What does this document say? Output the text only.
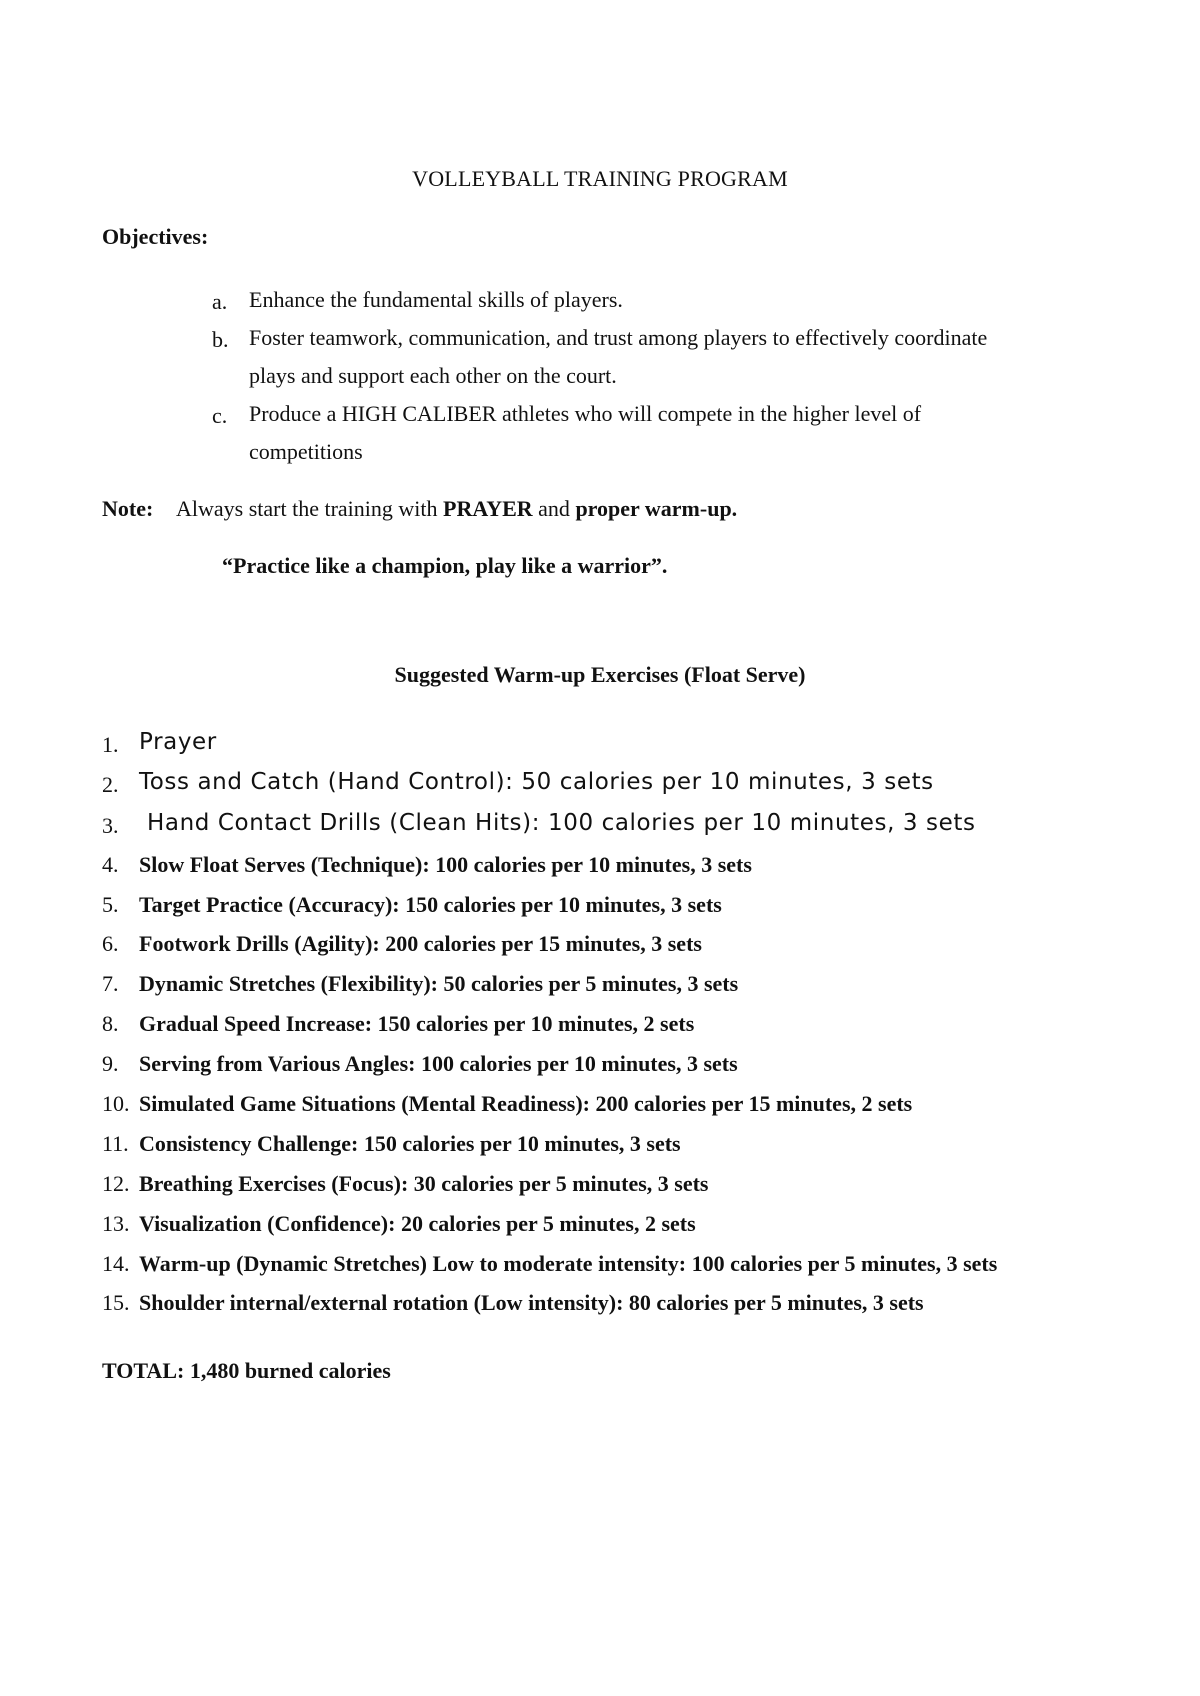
VOLLEYBALL TRAINING PROGRAM
Objectives:
a. Enhance the fundamental skills of players.
b. Foster teamwork, communication, and trust among players to effectively coordinate
plays and support each other on the court.
c. Produce a HIGH CALIBER athletes who will compete in the higher level of
competitions
Note: Always start the training with PRAYER and proper warm-up.
“Practice like a champion, play like a warrior”.
Suggested Warm-up Exercises (Float Serve)
1. Prayer
2. Toss and Catch (Hand Control): 50 calories per 10 minutes, 3 sets
3. Hand Contact Drills (Clean Hits): 100 calories per 10 minutes, 3 sets
4. Slow Float Serves (Technique): 100 calories per 10 minutes, 3 sets
5. Target Practice (Accuracy): 150 calories per 10 minutes, 3 sets
6. Footwork Drills (Agility): 200 calories per 15 minutes, 3 sets
7. Dynamic Stretches (Flexibility): 50 calories per 5 minutes, 3 sets
8. Gradual Speed Increase: 150 calories per 10 minutes, 2 sets
9. Serving from Various Angles: 100 calories per 10 minutes, 3 sets
10. Simulated Game Situations (Mental Readiness): 200 calories per 15 minutes, 2 sets
11. Consistency Challenge: 150 calories per 10 minutes, 3 sets
12. Breathing Exercises (Focus): 30 calories per 5 minutes, 3 sets
13. Visualization (Confidence): 20 calories per 5 minutes, 2 sets
14. Warm-up (Dynamic Stretches) Low to moderate intensity: 100 calories per 5 minutes, 3 sets
15. Shoulder internal/external rotation (Low intensity): 80 calories per 5 minutes, 3 sets
TOTAL: 1,480 burned calories
